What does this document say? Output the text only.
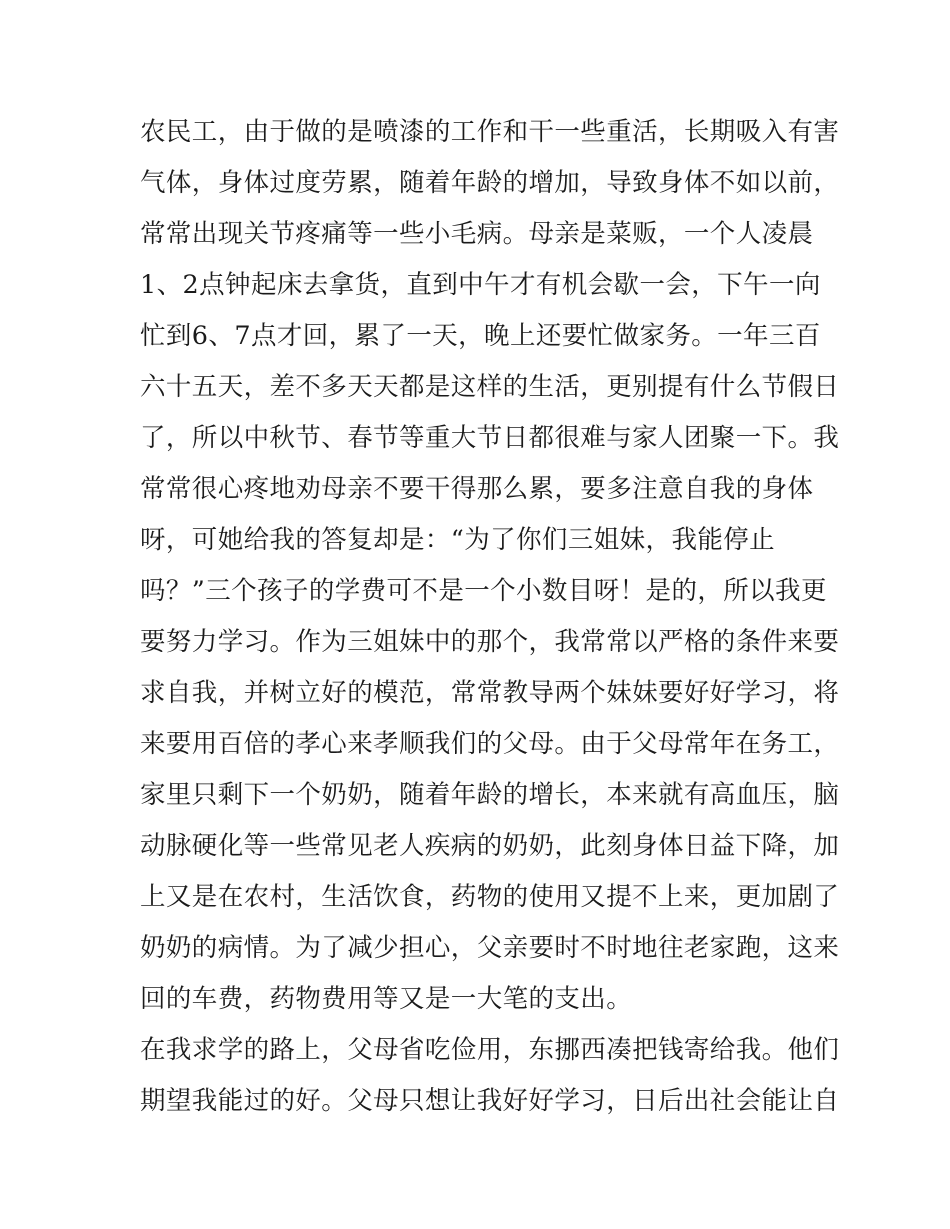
农民工，由于做的是喷漆的工作和干一些重活，长期吸入有害
气体，身体过度劳累，随着年龄的增加，导致身体不如以前，
常常出现关节疼痛等一些小毛病。母亲是菜贩，一个人凌晨
1、2点钟起床去拿货，直到中午才有机会歇一会，下午一向
忙到6、7点才回，累了一天，晚上还要忙做家务。一年三百
六十五天，差不多天天都是这样的生活，更别提有什么节假日
了，所以中秋节、春节等重大节日都很难与家人团聚一下。我
常常很心疼地劝母亲不要干得那么累，要多注意自我的身体
呀，可她给我的答复却是：“为了你们三姐妹，我能停止
吗？”三个孩子的学费可不是一个小数目呀！是的，所以我更
要努力学习。作为三姐妹中的那个，我常常以严格的条件来要
求自我，并树立好的模范，常常教导两个妹妹要好好学习，将
来要用百倍的孝心来孝顺我们的父母。由于父母常年在务工，
家里只剩下一个奶奶，随着年龄的增长，本来就有高血压，脑
动脉硬化等一些常见老人疾病的奶奶，此刻身体日益下降，加
上又是在农村，生活饮食，药物的使用又提不上来，更加剧了
奶奶的病情。为了减少担心，父亲要时不时地往老家跑，这来
回的车费，药物费用等又是一大笔的支出。
在我求学的路上，父母省吃俭用，东挪西凑把钱寄给我。他们
期望我能过的好。父母只想让我好好学习，日后出社会能让自
